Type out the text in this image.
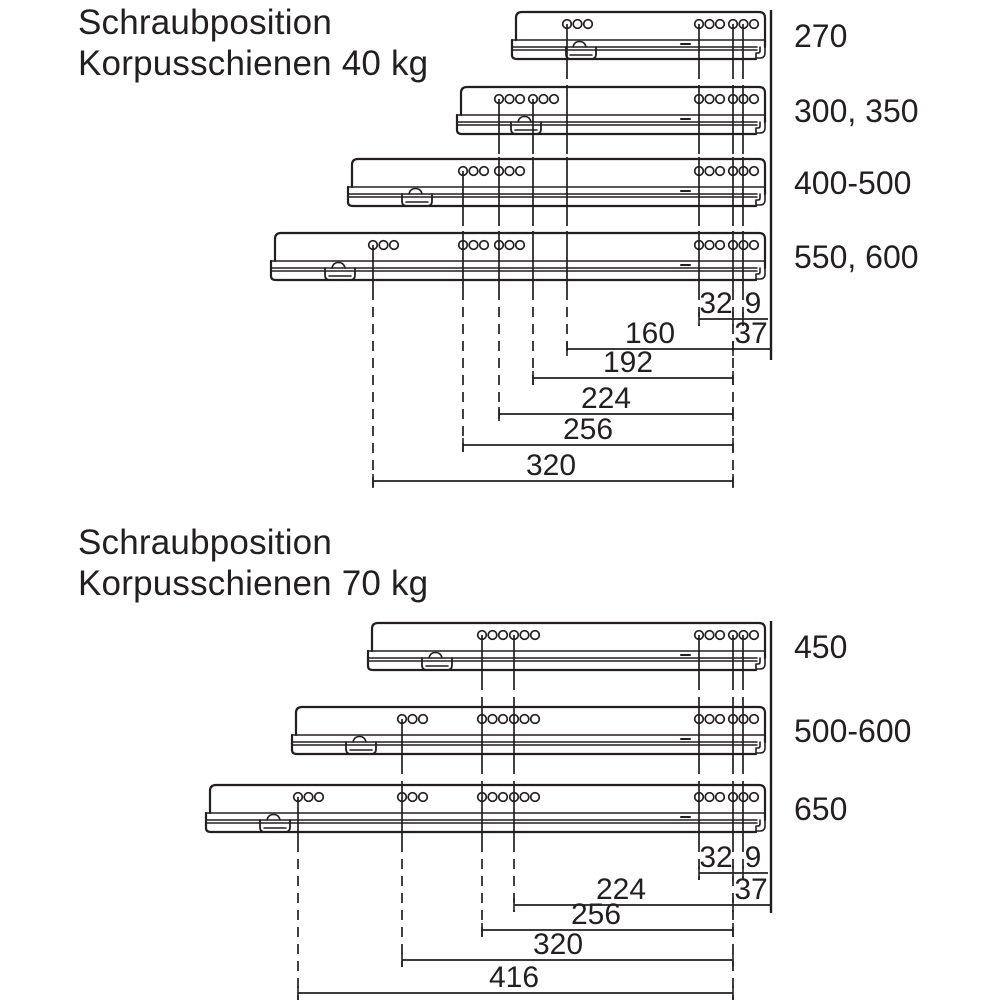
270
300, 350
400-500
550, 600
32 9
160 37
192
224
256
320
450
500-600
650
32 9
224	37
256
320
416
Schraubposition
Korpusschienen 40 kg
Schraubposition
Korpusschienen 70 kg
